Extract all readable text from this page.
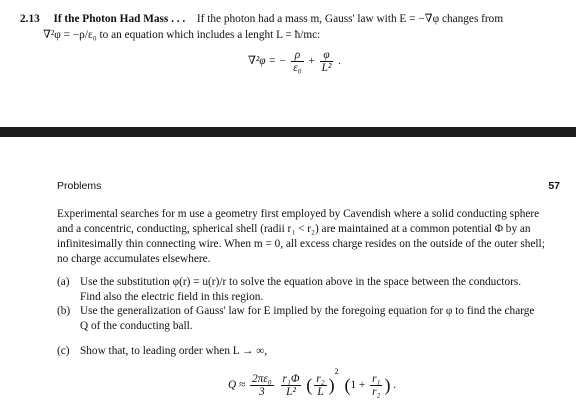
2.13 If the Photon Had Mass . . . If the photon had a mass m, Gauss' law with E = −∇φ changes from
∇²φ = −ρ/ε₀ to an equation which includes a lenght L = ħ/mc:
∇²φ = − $\frac{\rho}{\text{ε₀}} + \frac{\varphi}{\text{L²}}$ .
Problems	57
Experimental searches for m use a geometry first employed by Cavendish where a solid conducting sphere
and a concentric, conducting, spherical shell (radii r₁ < r₂) are maintained at a common potential Φ by an
infinitesimally thin connecting wire. When m = 0, all excess charge resides on the outside of the outer shell;
no charge accumulates elsewhere.
(a) Use the substitution φ(r) = u(r)/r to solve the equation above in the space between the conductors.
Find also the electric field in this region.
(b) Use the generalization of Gauss' law for E implied by the foregoing equation for φ to find the charge
Q of the conducting ball.
(c) Show that, to leading order when L → ∞,
$Q \approx \frac{\text{2πε₀}}{3}$
$\frac{\text{r₁Φ}}{\text{L²}}$ ( $\frac{\text{r₂}}{L} )^2$ ($1 + \frac{\text{r₁}}{\text{r₂}}$ ) .
